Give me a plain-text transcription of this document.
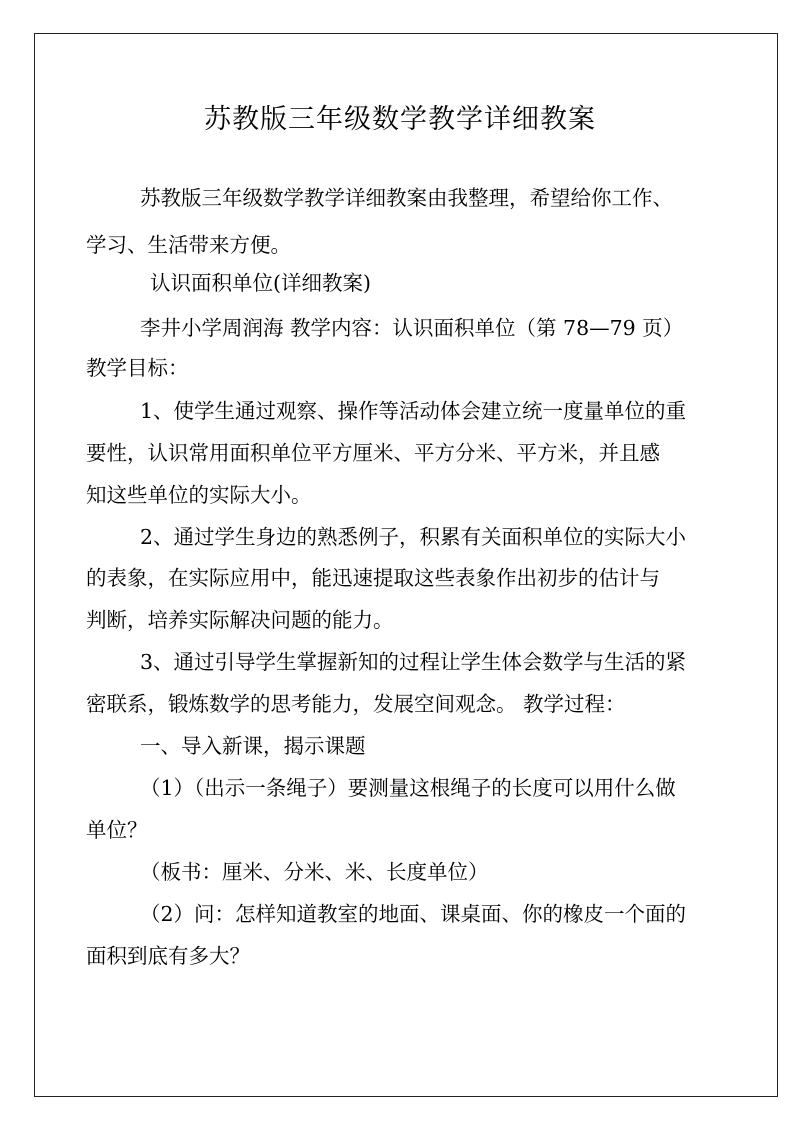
苏教版三年级数学教学详细教案
苏教版三年级数学教学详细教案由我整理，希望给你工作、
学习、生活带来方便。
认识面积单位(详细教案)
李井小学周润海 教学内容：认识面积单位（第 78—79 页）
教学目标：
1、使学生通过观察、操作等活动体会建立统一度量单位的重
要性，认识常用面积单位平方厘米、平方分米、平方米，并且感
知这些单位的实际大小。
2、通过学生身边的熟悉例子，积累有关面积单位的实际大小
的表象，在实际应用中，能迅速提取这些表象作出初步的估计与
判断，培养实际解决问题的能力。
3、通过引导学生掌握新知的过程让学生体会数学与生活的紧
密联系，锻炼数学的思考能力，发展空间观念。 教学过程：
一、导入新课，揭示课题
（1）（出示一条绳子）要测量这根绳子的长度可以用什么做
单位？
（板书：厘米、分米、米、长度单位）
（2）问：怎样知道教室的地面、课桌面、你的橡皮一个面的
面积到底有多大？
